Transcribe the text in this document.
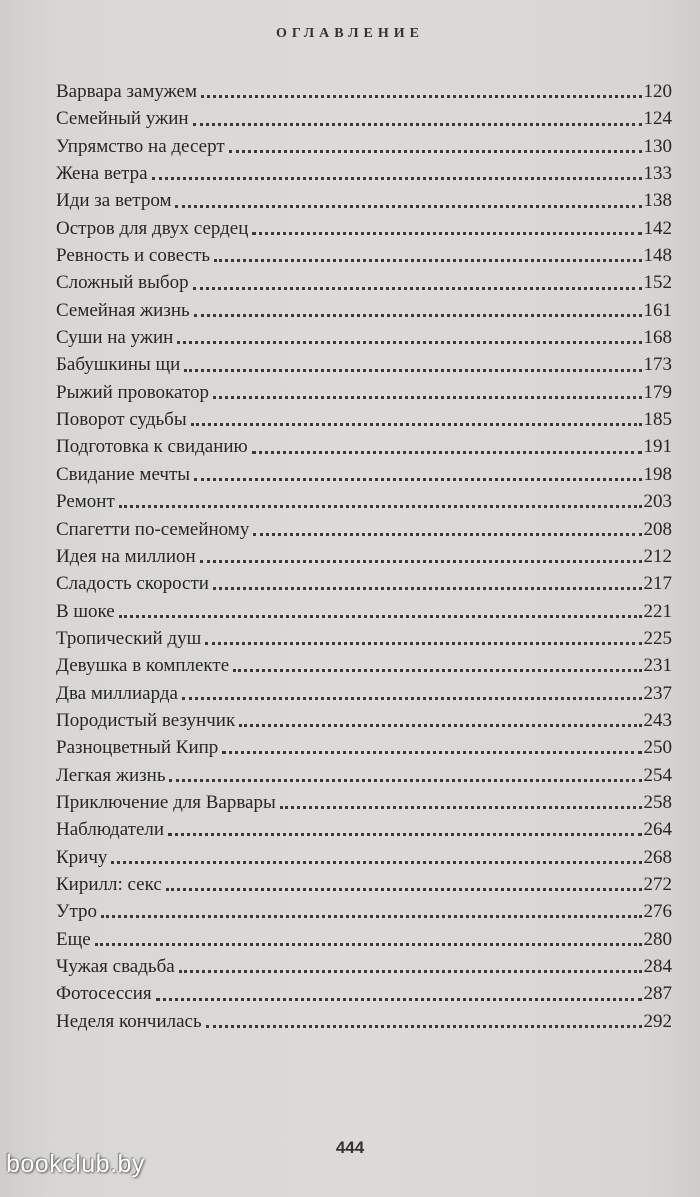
ОГЛАВЛЕНИЕ
Варвара замужем	120
Семейный ужин	124
Упрямство на десерт	130
Жена ветра	133
Иди за ветром	138
Остров для двух сердец	142
Ревность и совесть	148
Сложный выбор	152
Семейная жизнь	161
Суши на ужин	168
Бабушкины щи	173
Рыжий провокатор	179
Поворот судьбы	185
Подготовка к свиданию	191
Свидание мечты	198
Ремонт	203
Спагетти по-семейному	208
Идея на миллион	212
Сладость скорости	217
В шоке	221
Тропический душ	225
Девушка в комплекте	231
Два миллиарда	237
Породистый везунчик	243
Разноцветный Кипр	250
Легкая жизнь	254
Приключение для Варвары	258
Наблюдатели	264
Кричу	268
Кирилл: секс	272
Утро	276
Еще	280
Чужая свадьба	284
Фотосессия	287
Неделя кончилась	292
444
bookclub.by
